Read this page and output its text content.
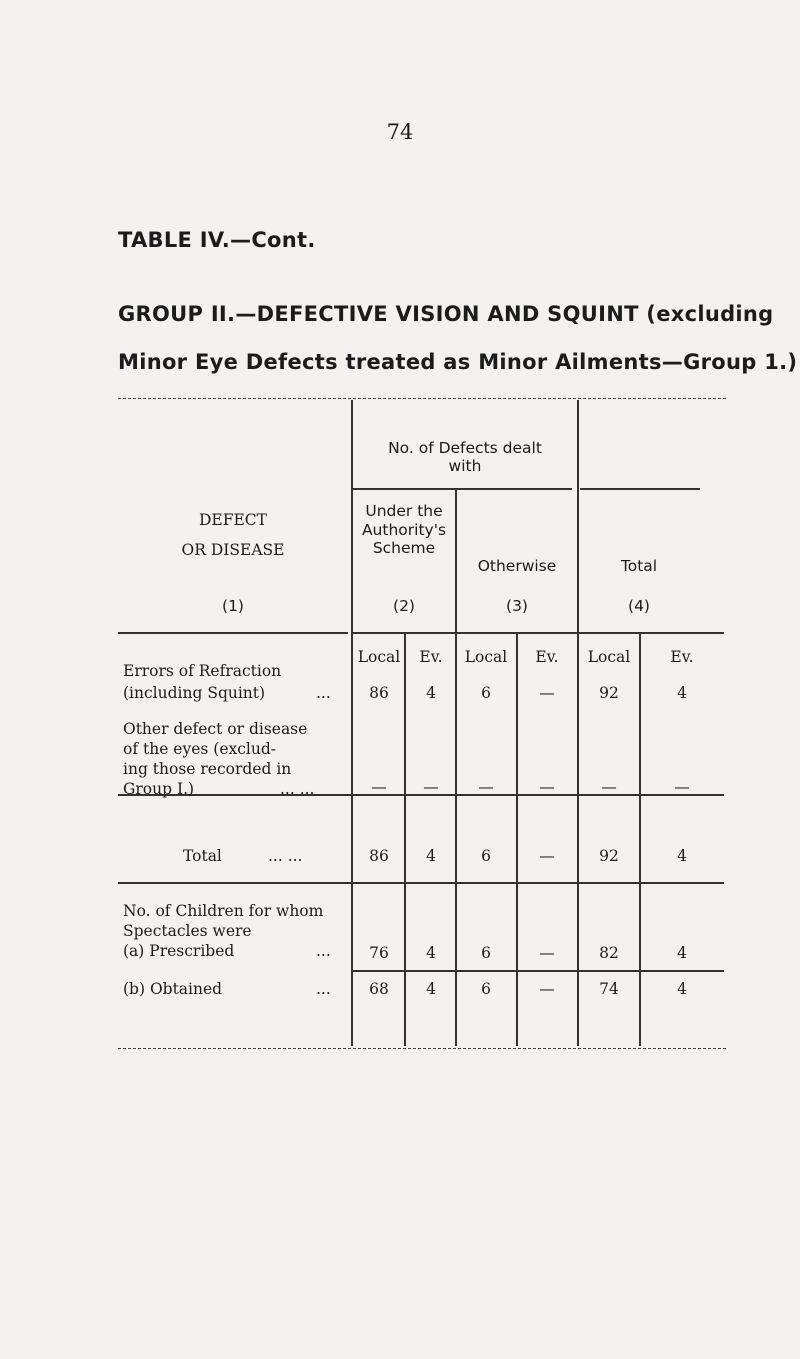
74
TABLE IV.—Cont.
GROUP II.—DEFECTIVE VISION AND SQUINT (excluding
Minor Eye Defects treated as Minor Ailments—Group 1.)
No. of Defects dealt
with
DEFECT
OR DISEASE
(1)
Under the Authority's Scheme
(2)
Otherwise
(3)
Total
(4)
Local	Ev.	Local	Ev.	Local	Ev.
Errors of Refraction
(including Squint)	...	86	4	6	—	92	4
Other defect or disease
of the eyes (exclud-
ing those recorded in
Group I.)	... ...	—	—	—	—	—	—
Total	... ...	86	4	6	—	92	4
No. of Children for whom
Spectacles were
(a) Prescribed	...	76	4	6	—	82	4
(b) Obtained	...	68	4	6	—	74	4
